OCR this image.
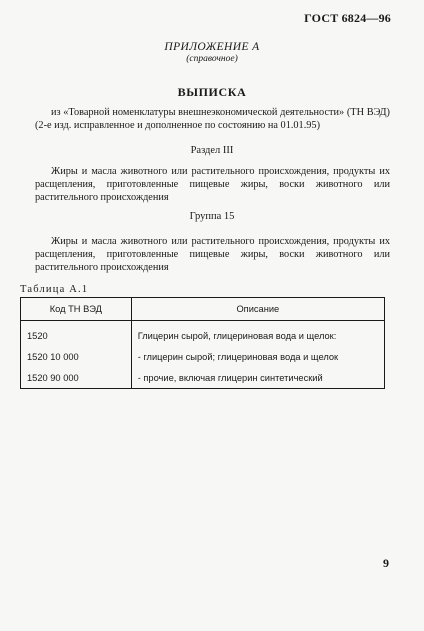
ГОСТ 6824—96
ПРИЛОЖЕНИЕ А
(справочное)
ВЫПИСКА
из «Товарной номенклатуры внешнеэкономической деятельности» (ТН ВЭД) (2-е изд. исправленное и дополненное по состоянию на 01.01.95)
Раздел III
Жиры и масла животного или растительного происхождения, продукты их расщепления, приготовленные пищевые жиры, воски животного или растительного происхождения
Группа 15
Жиры и масла животного или растительного происхождения, продукты их расщепления, приготовленные пищевые жиры, воски животного или растительного происхождения
Таблица А.1
Код ТН ВЭД	Описание
1520	Глицерин сырой, глицериновая вода и щелок:
1520 10 000	- глицерин сырой; глицериновая вода и щелок
1520 90 000	- прочие, включая глицерин синтетический
9
